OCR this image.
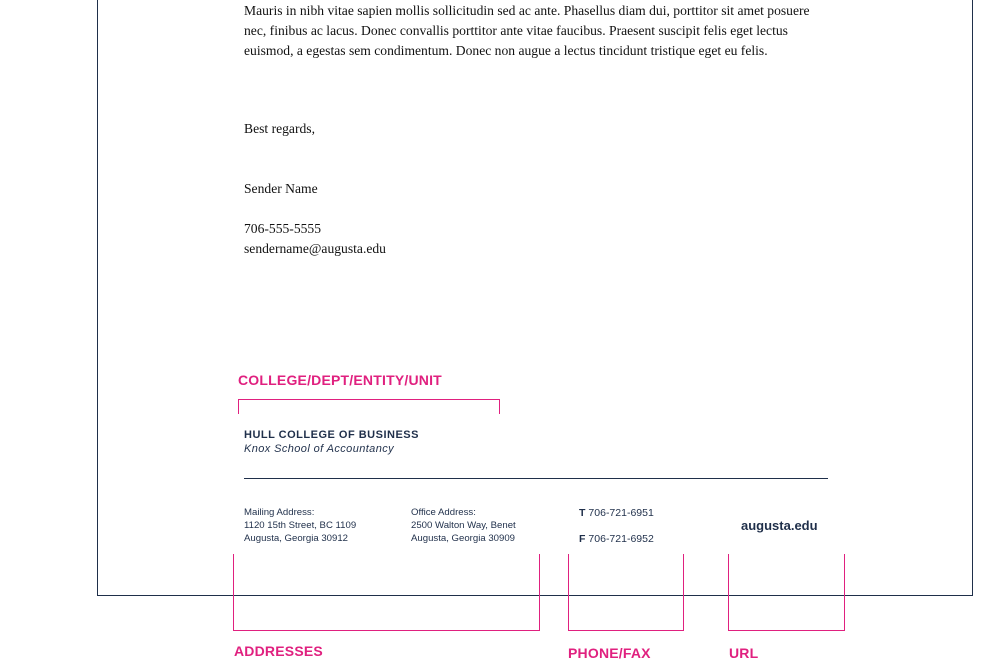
Mauris in nibh vitae sapien mollis sollicitudin sed ac ante. Phasellus diam dui, porttitor sit amet posuere nec, finibus ac lacus. Donec convallis porttitor ante vitae faucibus. Praesent suscipit felis eget lectus euismod, a egestas sem condimentum. Donec non augue a lectus tincidunt tristique eget eu felis.
Best regards,
Sender Name
706-555-5555
sendername@augusta.edu
COLLEGE/DEPT/ENTITY/UNIT
HULL COLLEGE OF BUSINESS
Knox School of Accountancy
Mailing Address:
1120 15th Street, BC 1109
Augusta, Georgia 30912
Office Address:
2500 Walton Way, Benet
Augusta, Georgia 30909
T 706-721-6951
F 706-721-6952
augusta.edu
ADDRESSES	PHONE/FAX	URL
